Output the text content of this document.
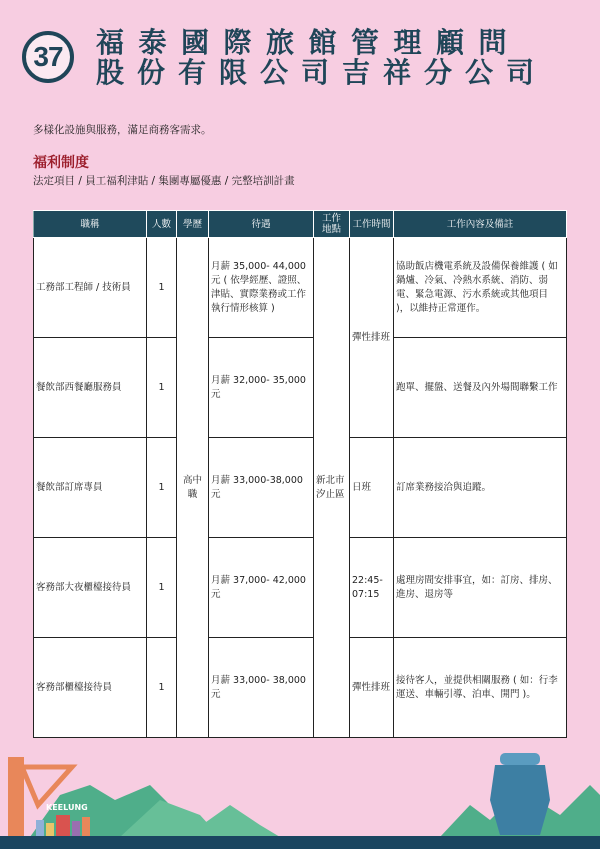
37	福泰國際旅館管理顧問
股份有限公司吉祥分公司
多樣化設施與服務，滿足商務客需求。
福利制度
法定項目 / 員工福利津貼 / 集團專屬優惠 / 完整培訓計畫
職稱	人數	學歷	待遇	工作地點	工作時間	工作內容及備註
工務部工程師 / 技術員	1	高中職	月薪 35,000- 44,000 元 ( 依學經歷、證照、津貼、實際業務或工作執行情形核算 )	新北市汐止區	彈性排班	協助飯店機電系統及設備保養維護 ( 如鍋爐、冷氣、冷熱水系統、消防、弱電、緊急電源、污水系統或其他項目 )，以維持正常運作。
餐飲部西餐廳服務員	1		月薪 32,000- 35,000 元			跑單、擺盤、送餐及內外場間聯繫工作
餐飲部訂席專員	1		月薪 33,000-38,000 元		日班	訂席業務接洽與追蹤。
客務部大夜櫃檯接待員	1		月薪 37,000- 42,000 元		22:45-07:15	處理房間安排事宜，如：訂房、排房、進房、退房等
客務部櫃檯接待員	1		月薪 33,000- 38,000 元		彈性排班	接待客人，並提供相關服務 ( 如：行李運送、車輛引導、泊車、開門 )。
KEELUNG
